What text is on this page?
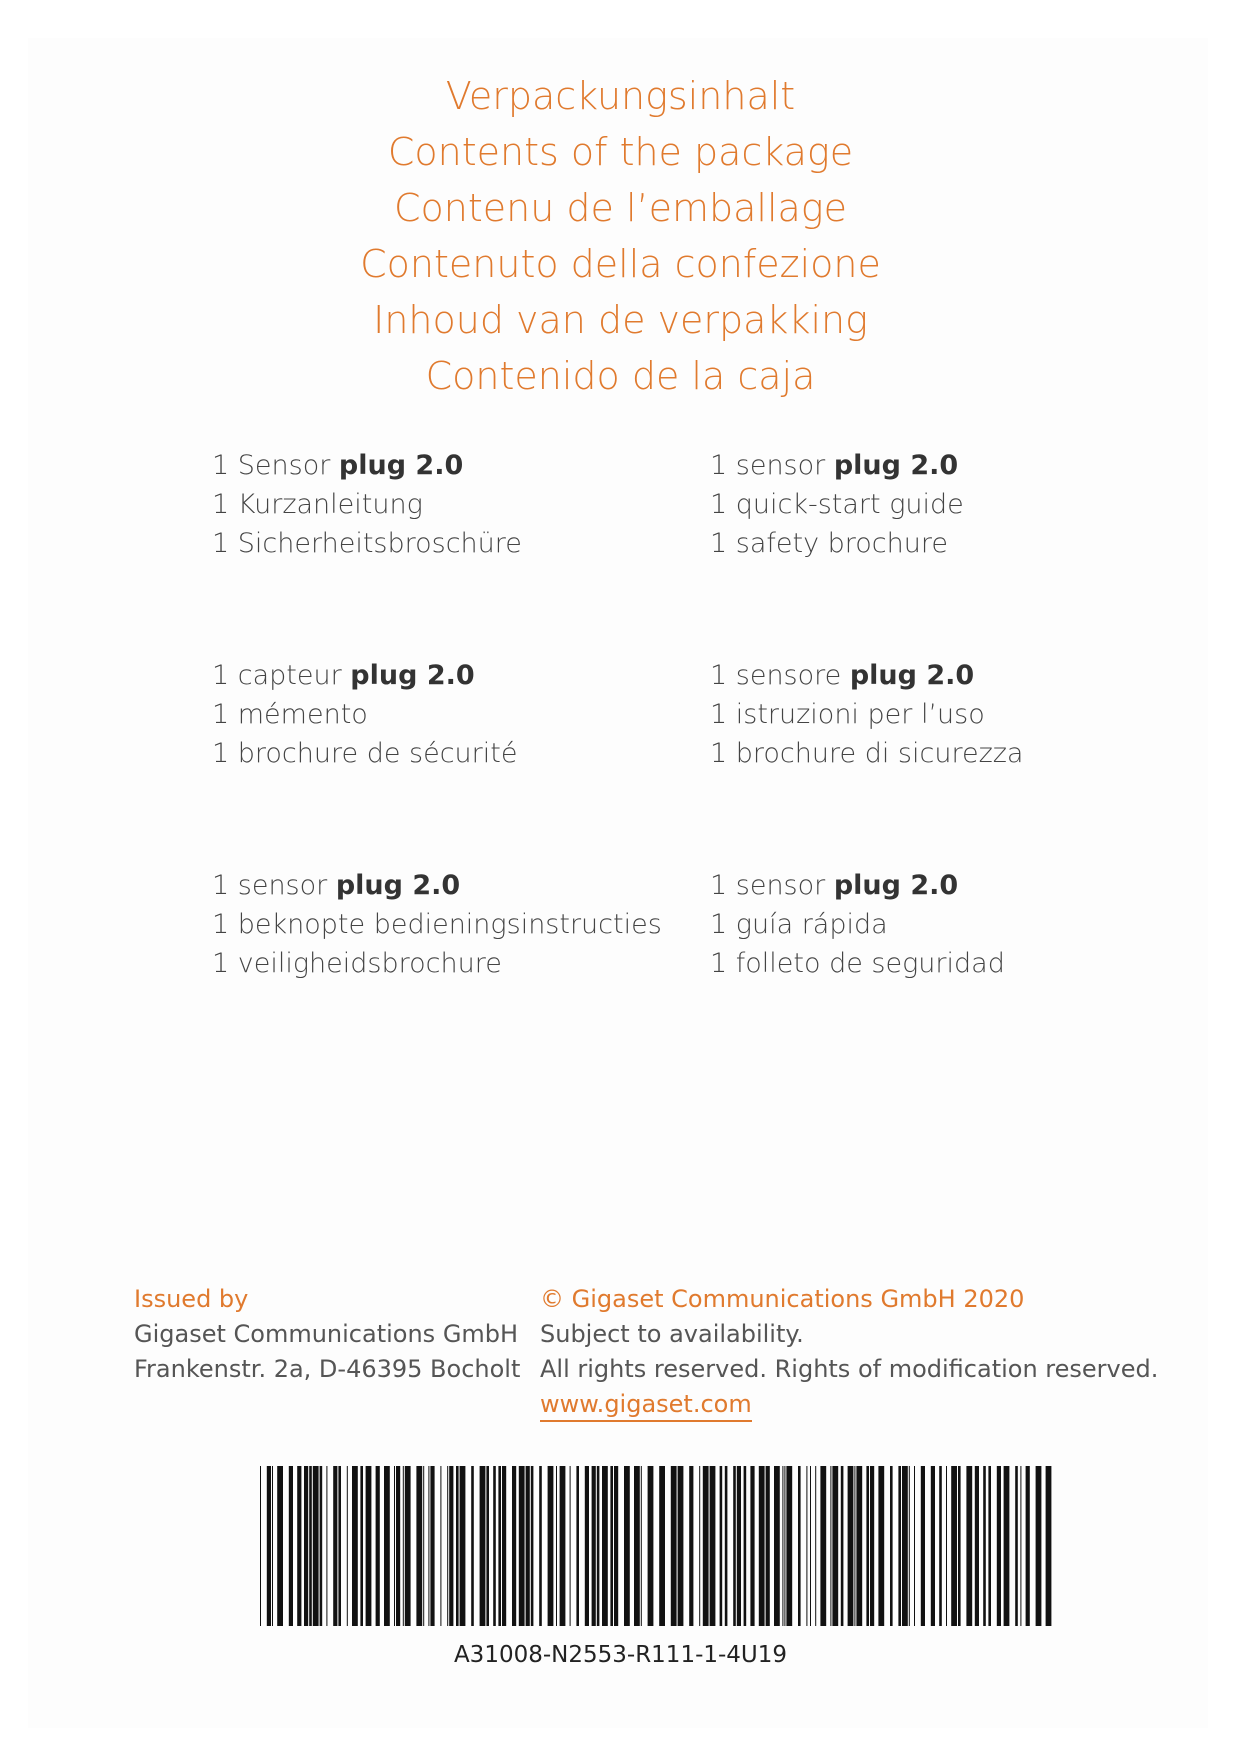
Verpackungsinhalt
Contents of the package
Contenu de l’emballage
Contenuto della confezione
Inhoud van de verpakking
Contenido de la caja
1 Sensor plug 2.0
1 Kurzanleitung
1 Sicherheitsbroschüre
1 sensor plug 2.0
1 quick-start guide
1 safety brochure
1 capteur plug 2.0
1 mémento
1 brochure de sécurité
1 sensore plug 2.0
1 istruzioni per l’uso
1 brochure di sicurezza
1 sensor plug 2.0
1 beknopte bedieningsinstructies
1 veiligheidsbrochure
1 sensor plug 2.0
1 guía rápida
1 folleto de seguridad
Issued by
Gigaset Communications GmbH
Frankenstr. 2a, D-46395 Bocholt
© Gigaset Communications GmbH 2020
Subject to availability.
All rights reserved. Rights of modification reserved.
www.gigaset.com
A31008-N2553-R111-1-4U19
